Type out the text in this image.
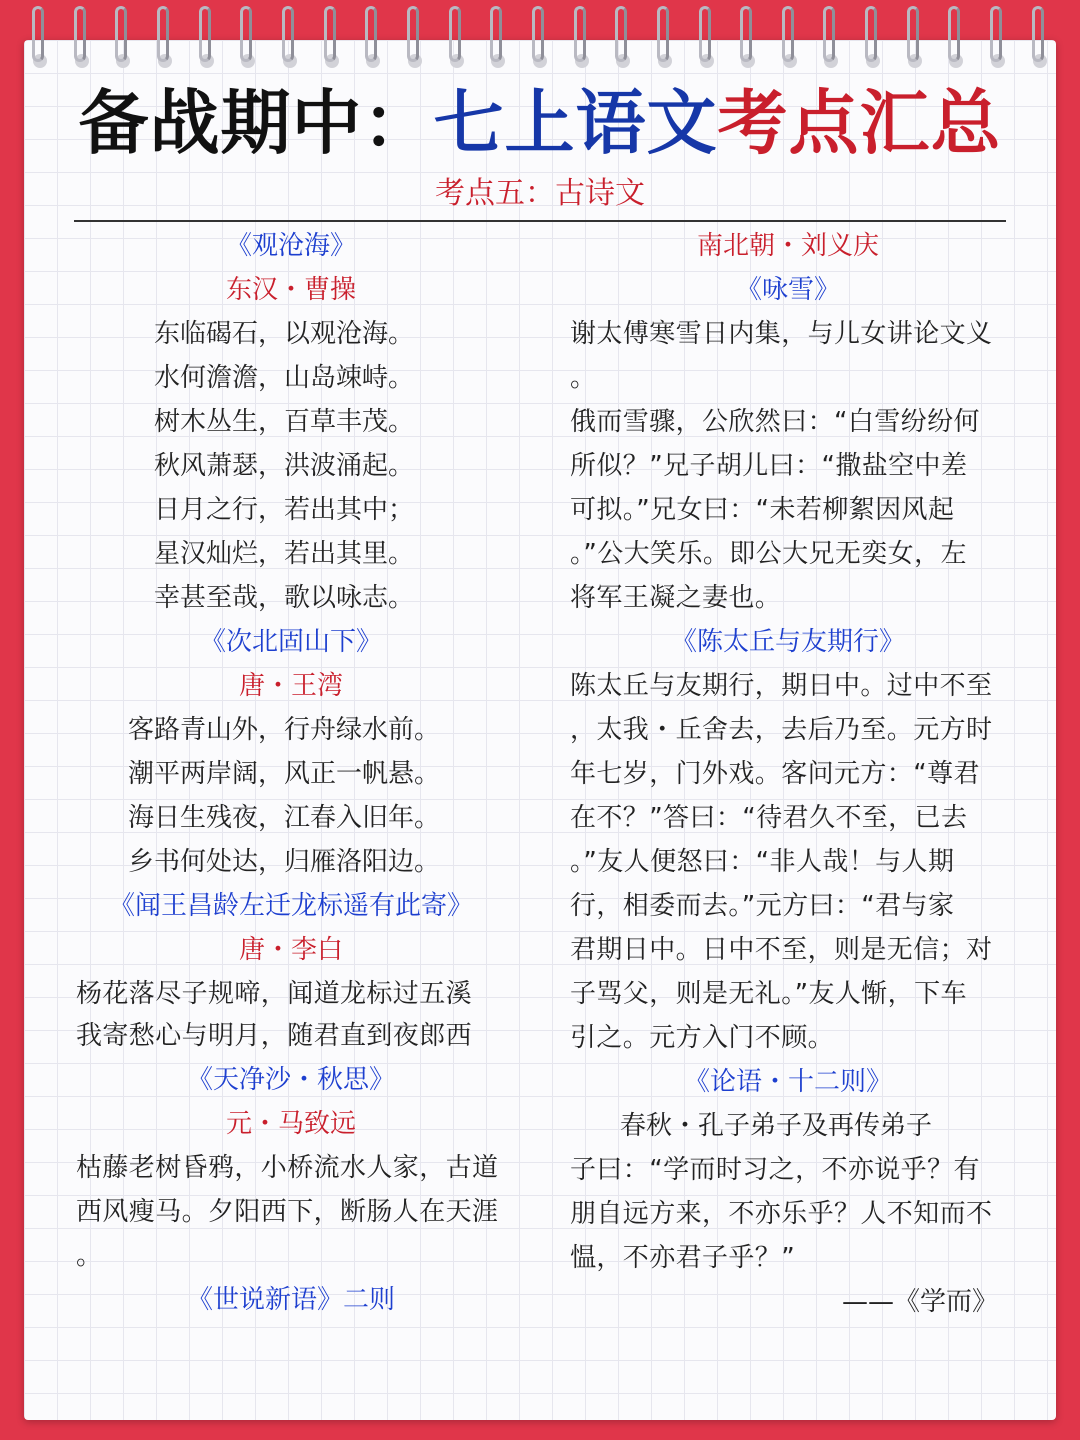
备战期中：七上语文考点汇总
考点五：古诗文
《观沧海》
东汉・曹操
东临碣石，以观沧海。
水何澹澹，山岛竦峙。
树木丛生，百草丰茂。
秋风萧瑟，洪波涌起。
日月之行，若出其中；
星汉灿烂，若出其里。
幸甚至哉，歌以咏志。
《次北固山下》
唐・王湾
客路青山外，行舟绿水前。
潮平两岸阔，风正一帆悬。
海日生残夜，江春入旧年。
乡书何处达，归雁洛阳边。
《闻王昌龄左迁龙标遥有此寄》
唐・李白
杨花落尽子规啼，闻道龙标过五溪
我寄愁心与明月，随君直到夜郎西
《天净沙・秋思》
元・马致远
枯藤老树昏鸦，小桥流水人家，古道
西风瘦马。夕阳西下，断肠人在天涯
。
《世说新语》二则
南北朝・刘义庆
《咏雪》
谢太傅寒雪日内集，与儿女讲论文义
。
俄而雪骤，公欣然曰：“白雪纷纷何
所似？”兄子胡儿曰：“撒盐空中差
可拟。”兄女曰：“未若柳絮因风起
。”公大笑乐。即公大兄无奕女，左
将军王凝之妻也。
《陈太丘与友期行》
陈太丘与友期行，期日中。过中不至
，太我・丘舍去，去后乃至。元方时
年七岁，门外戏。客问元方：“尊君
在不？”答曰：“待君久不至，已去
。”友人便怒曰：“非人哉！与人期
行，相委而去。”元方曰：“君与家
君期日中。日中不至，则是无信；对
子骂父，则是无礼。”友人惭，下车
引之。元方入门不顾。
《论语・十二则》
春秋・孔子弟子及再传弟子
子曰：“学而时习之，不亦说乎？有
朋自远方来，不亦乐乎？人不知而不
愠，不亦君子乎？”
——《学而》
